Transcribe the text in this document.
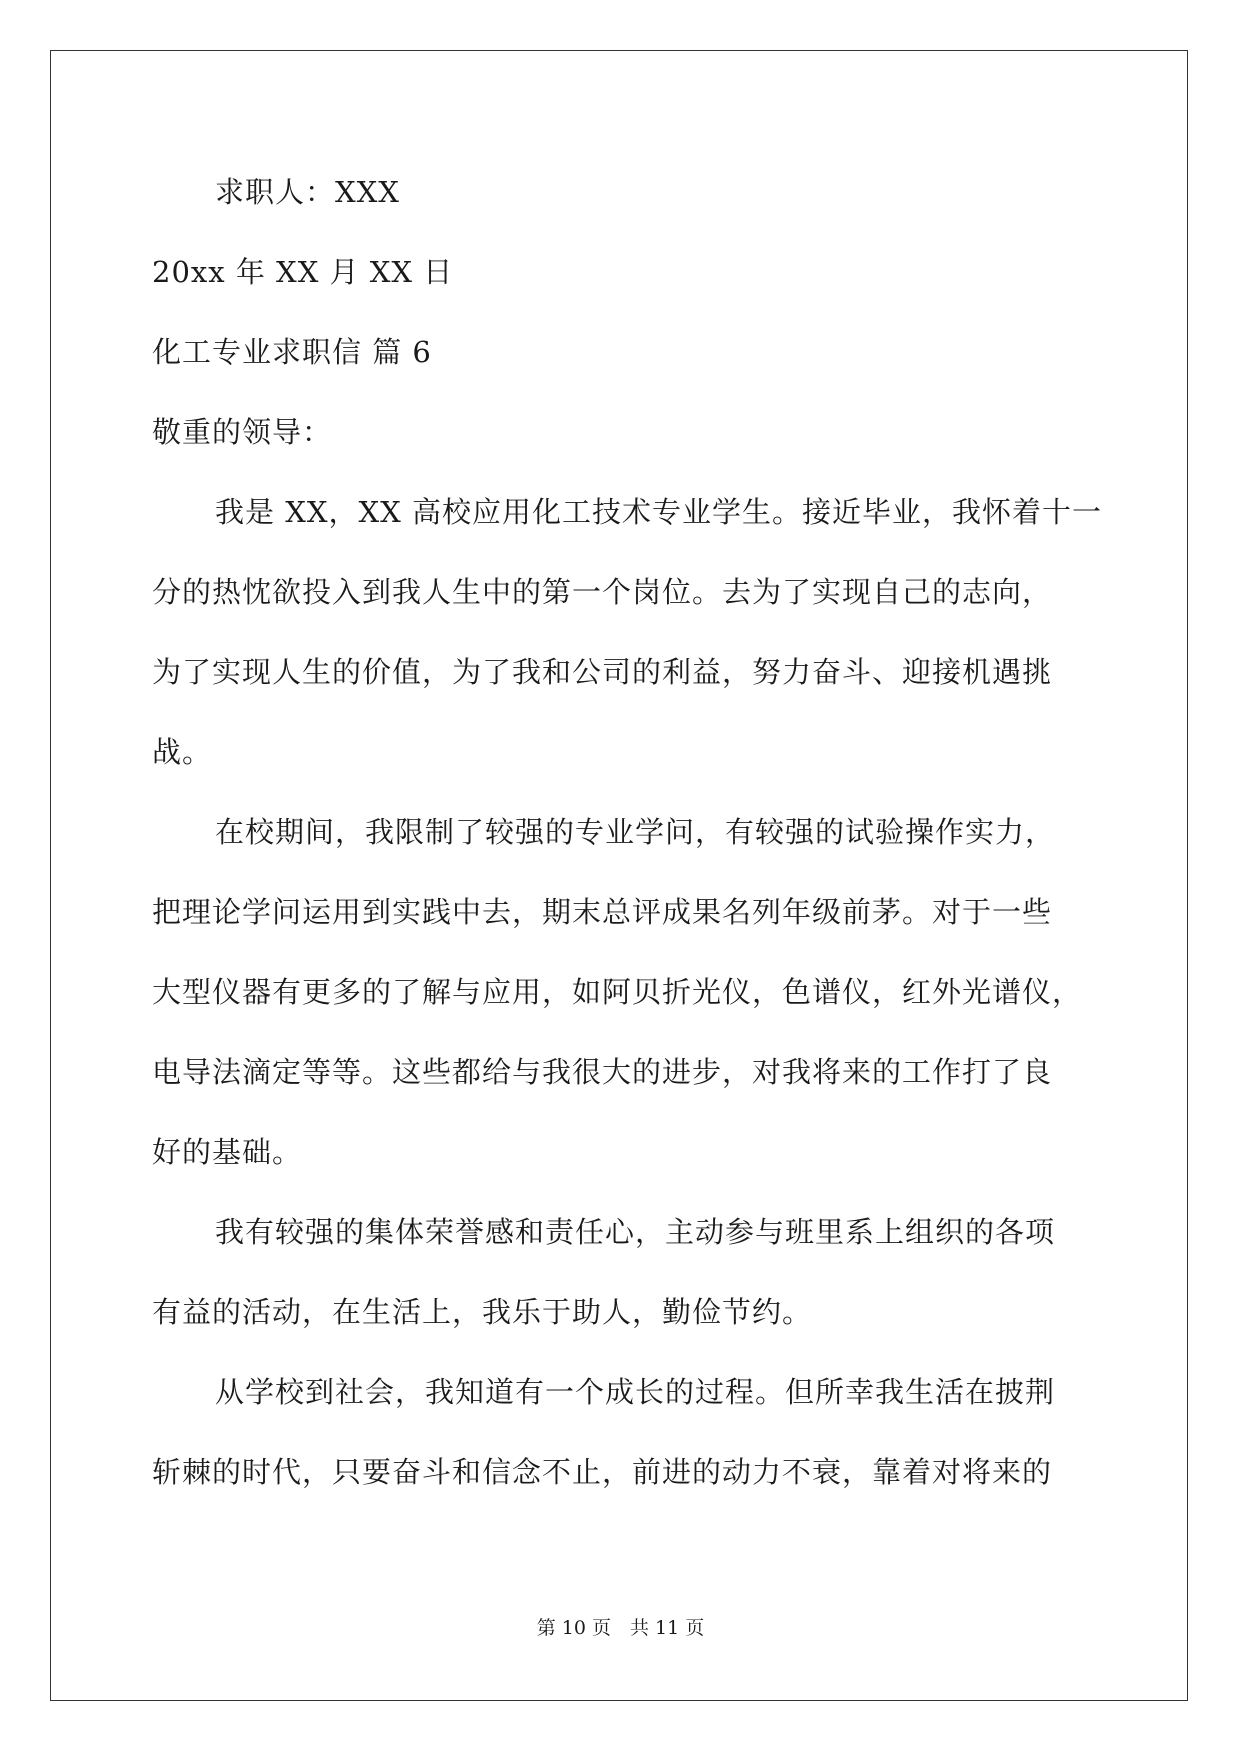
求职人：XXX
20xx 年 XX 月 XX 日
化工专业求职信 篇 6
敬重的领导：
我是 XX，XX 高校应用化工技术专业学生。接近毕业，我怀着十一
分的热忱欲投入到我人生中的第一个岗位。去为了实现自己的志向，
为了实现人生的价值，为了我和公司的利益，努力奋斗、迎接机遇挑
战。
在校期间，我限制了较强的专业学问，有较强的试验操作实力，
把理论学问运用到实践中去，期末总评成果名列年级前茅。对于一些
大型仪器有更多的了解与应用，如阿贝折光仪，色谱仪，红外光谱仪，
电导法滴定等等。这些都给与我很大的进步，对我将来的工作打了良
好的基础。
我有较强的集体荣誉感和责任心，主动参与班里系上组织的各项
有益的活动，在生活上，我乐于助人，勤俭节约。
从学校到社会，我知道有一个成长的过程。但所幸我生活在披荆
斩棘的时代，只要奋斗和信念不止，前进的动力不衰，靠着对将来的
第 10 页　共 11 页
